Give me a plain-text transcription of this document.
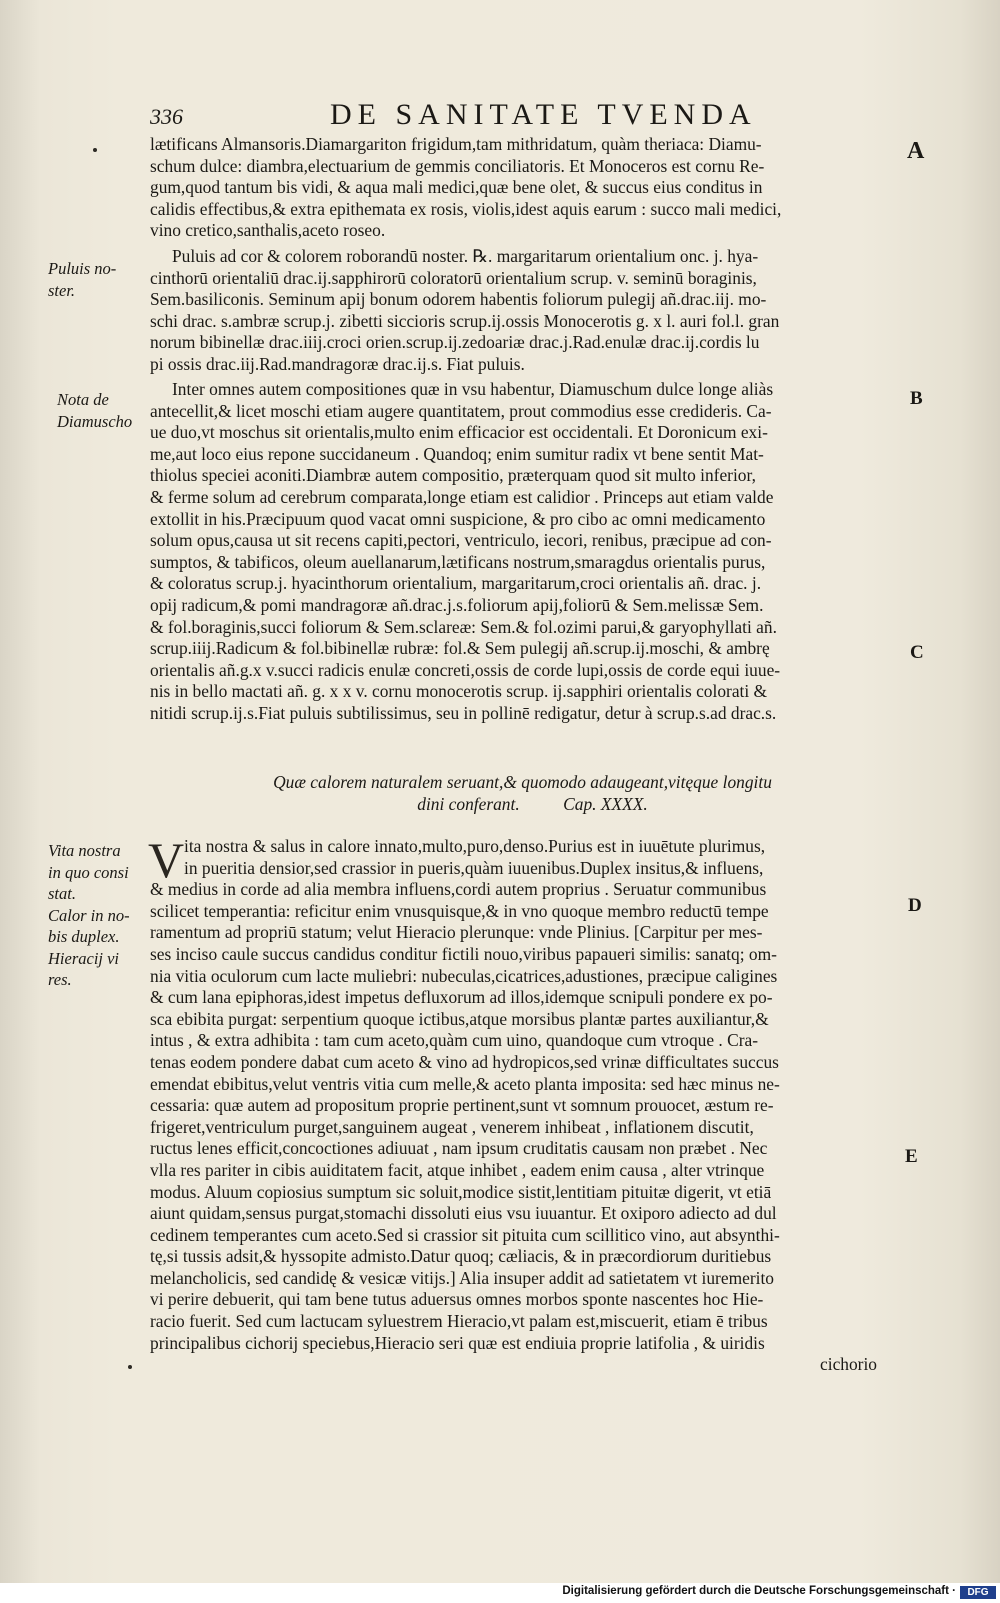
336	DE SANITATE TVENDA
A
B
C
D
E
Puluis no-
ster.
Nota de
Diamuscho
Vita nostra
in quo consi
stat.
Calor in no-
bis duplex.
Hieracij vi
res.
lætificans Almansoris.Diamargariton frigidum,tam mithridatum, quàm theriaca: Diamu-
schum dulce: diambra,electuarium de gemmis conciliatoris. Et Monoceros est cornu Re-
gum,quod tantum bis vidi, & aqua mali medici,quæ bene olet, & succus eius conditus in
calidis effectibus,& extra epithemata ex rosis, violis,idest aquis earum : succo mali medici,
vino cretico,santhalis,aceto roseo.
Puluis ad cor & colorem roborandū noster. ℞. margaritarum orientalium onc. j. hya-
cinthorū orientaliū drac.ij.sapphirorū coloratorū orientalium scrup. v. seminū boraginis,
Sem.basiliconis. Seminum apij bonum odorem habentis foliorum pulegij añ.drac.iij. mo-
schi drac. s.ambræ scrup.j. zibetti siccioris scrup.ij.ossis Monocerotis g. x l. auri fol.l. gran
norum bibinellæ drac.iiij.croci orien.scrup.ij.zedoariæ drac.j.Rad.enulæ drac.ij.cordis lu
pi ossis drac.iij.Rad.mandragoræ drac.ij.s. Fiat puluis.
Inter omnes autem compositiones quæ in vsu habentur, Diamuschum dulce longe aliàs
antecellit,& licet moschi etiam augere quantitatem, prout commodius esse credideris. Ca-
ue duo,vt moschus sit orientalis,multo enim efficacior est occidentali. Et Doronicum exi-
me,aut loco eius repone succidaneum . Quandoq; enim sumitur radix vt bene sentit Mat-
thiolus speciei aconiti.Diambræ autem compositio, præterquam quod sit multo inferior,
& ferme solum ad cerebrum comparata,longe etiam est calidior . Princeps aut etiam valde
extollit in his.Præcipuum quod vacat omni suspicione, & pro cibo ac omni medicamento
solum opus,causa ut sit recens capiti,pectori, ventriculo, iecori, renibus, præcipue ad con-
sumptos, & tabificos, oleum auellanarum,lætificans nostrum,smaragdus orientalis purus,
& coloratus scrup.j. hyacinthorum orientalium, margaritarum,croci orientalis añ. drac. j.
opij radicum,& pomi mandragoræ añ.drac.j.s.foliorum apij,foliorū & Sem.melissæ Sem.
& fol.boraginis,succi foliorum & Sem.sclareæ: Sem.& fol.ozimi parui,& garyophyllati añ.
scrup.iiij.Radicum & fol.bibinellæ rubræ: fol.& Sem pulegij añ.scrup.ij.moschi, & ambrę
orientalis añ.g.x v.succi radicis enulæ concreti,ossis de corde lupi,ossis de corde equi iuue-
nis in bello mactati añ. g. x x v. cornu monocerotis scrup. ij.sapphiri orientalis colorati &
nitidi scrup.ij.s.Fiat puluis subtilissimus, seu in pollinē redigatur, detur à scrup.s.ad drac.s.
Quæ calorem naturalem seruant,& quomodo adaugeant,vitęque longitu
dini conferant. Cap. XXXX.
V ita nostra & salus in calore innato,multo,puro,denso.Purius est in iuuētute plurimus,
in pueritia densior,sed crassior in pueris,quàm iuuenibus.Duplex insitus,& influens,
& medius in corde ad alia membra influens,cordi autem proprius . Seruatur communibus
scilicet temperantia: reficitur enim vnusquisque,& in vno quoque membro reductū tempe
ramentum ad propriū statum; velut Hieracio plerunque: vnde Plinius. [Carpitur per mes-
ses inciso caule succus candidus conditur fictili nouo,viribus papaueri similis: sanatq; om-
nia vitia oculorum cum lacte muliebri: nubeculas,cicatrices,adustiones, præcipue caligines
& cum lana epiphoras,idest impetus defluxorum ad illos,idemque scnipuli pondere ex po-
sca ebibita purgat: serpentium quoque ictibus,atque morsibus plantæ partes auxiliantur,&
intus , & extra adhibita : tam cum aceto,quàm cum uino, quandoque cum vtroque . Cra-
tenas eodem pondere dabat cum aceto & vino ad hydropicos,sed vrinæ difficultates succus
emendat ebibitus,velut ventris vitia cum melle,& aceto planta imposita: sed hæc minus ne-
cessaria: quæ autem ad propositum proprie pertinent,sunt vt somnum prouocet, æstum re-
frigeret,ventriculum purget,sanguinem augeat , venerem inhibeat , inflationem discutit,
ructus lenes efficit,concoctiones adiuuat , nam ipsum cruditatis causam non præbet . Nec
vlla res pariter in cibis auiditatem facit, atque inhibet , eadem enim causa , alter vtrinque
modus. Aluum copiosius sumptum sic soluit,modice sistit,lentitiam pituitæ digerit, vt etiā
aiunt quidam,sensus purgat,stomachi dissoluti eius vsu iuuantur. Et oxiporo adiecto ad dul
cedinem temperantes cum aceto.Sed si crassior sit pituita cum scillitico vino, aut absynthi-
tę,si tussis adsit,& hyssopite admisto.Datur quoq; cæliacis, & in præcordiorum duritiebus
melancholicis, sed candidę & vesicæ vitijs.] Alia insuper addit ad satietatem vt iuremerito
vi perire debuerit, qui tam bene tutus aduersus omnes morbos sponte nascentes hoc Hie-
racio fuerit. Sed cum lactucam syluestrem Hieracio,vt palam est,miscuerit, etiam ē tribus
principalibus cichorij speciebus,Hieracio seri quæ est endiuia proprie latifolia , & uiridis
cichorio
Digitalisierung gefördert durch die Deutsche Forschungsgemeinschaft ·	DFG
